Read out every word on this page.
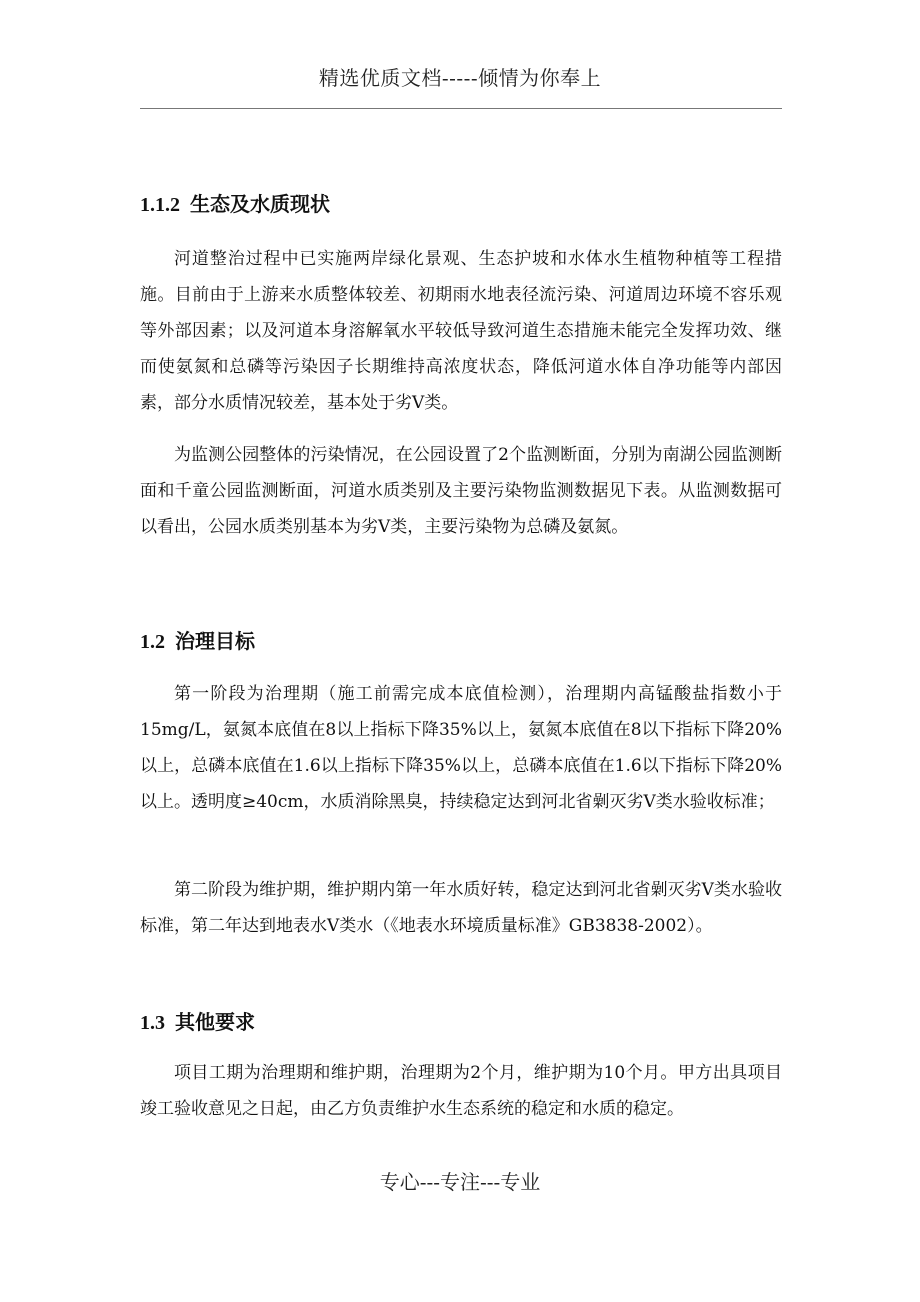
精选优质文档-----倾情为你奉上
1.1.2 生态及水质现状
河道整治过程中已实施两岸绿化景观、生态护坡和水体水生植物种植等工程措施。目前由于上游来水质整体较差、初期雨水地表径流污染、河道周边环境不容乐观等外部因素；以及河道本身溶解氧水平较低导致河道生态措施未能完全发挥功效、继而使氨氮和总磷等污染因子长期维持高浓度状态，降低河道水体自净功能等内部因素，部分水质情况较差，基本处于劣Ⅴ类。
为监测公园整体的污染情况，在公园设置了2个监测断面，分别为南湖公园监测断面和千童公园监测断面，河道水质类别及主要污染物监测数据见下表。从监测数据可以看出，公园水质类别基本为劣Ⅴ类，主要污染物为总磷及氨氮。
1.2 治理目标
第一阶段为治理期（施工前需完成本底值检测），治理期内高锰酸盐指数小于15mg/L，氨氮本底值在8以上指标下降35%以上，氨氮本底值在8以下指标下降20%以上，总磷本底值在1.6以上指标下降35%以上，总磷本底值在1.6以下指标下降20%以上。透明度≥40cm，水质消除黑臭，持续稳定达到河北省劋灭劣Ⅴ类水验收标准；
第二阶段为维护期，维护期内第一年水质好转，稳定达到河北省劋灭劣Ⅴ类水验收标准，第二年达到地表水Ⅴ类水（《地表水环境质量标准》GB3838-2002）。
1.3 其他要求
项目工期为治理期和维护期，治理期为2个月，维护期为10个月。甲方出具项目竣工验收意见之日起，由乙方负责维护水生态系统的稳定和水质的稳定。
专心---专注---专业
